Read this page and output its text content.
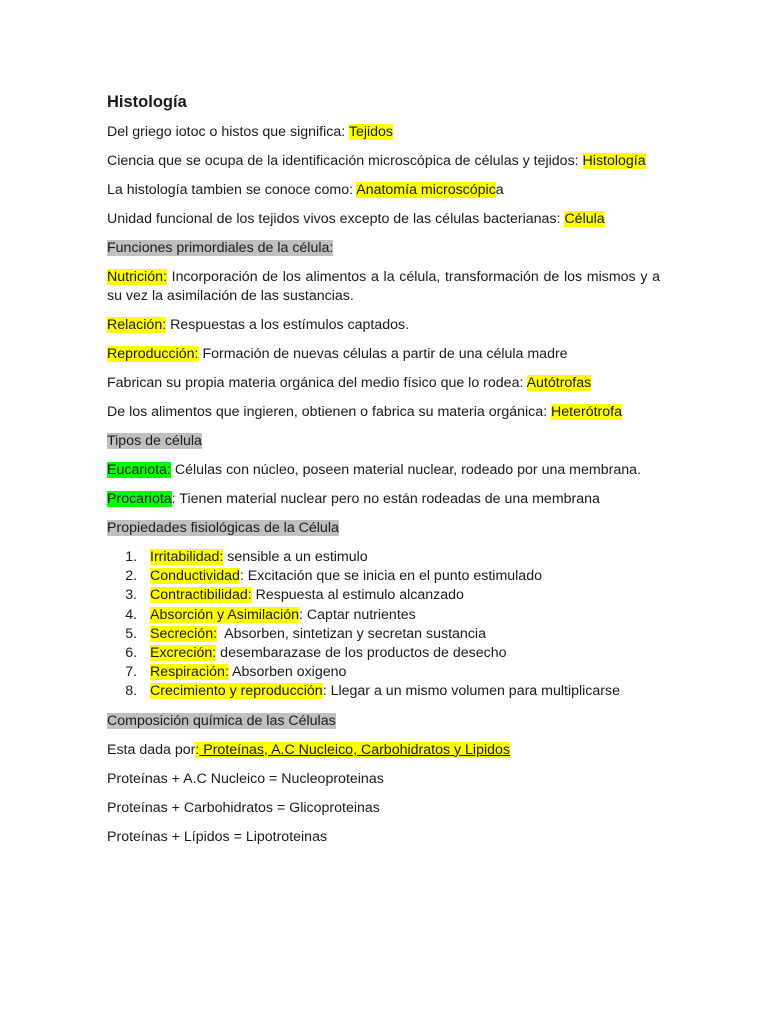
Histología

Del griego iotoc o histos que significa: Tejidos

Ciencia que se ocupa de la identificación microscópica de células y tejidos: Histología

La histología tambien se conoce como: Anatomía microscópica

Unidad funcional de los tejidos vivos excepto de las células bacterianas: Célula

Funciones primordiales de la célula:

Nutrición: Incorporación de los alimentos a la célula, transformación de los mismos y a su vez la asimilación de las sustancias.

Relación: Respuestas a los estímulos captados.

Reproducción: Formación de nuevas células a partir de una célula madre

Fabrican su propia materia orgánica del medio físico que lo rodea: Autótrofas

De los alimentos que ingieren, obtienen o fabrica su materia orgánica: Heterótrofa

Tipos de célula

Eucariota: Células con núcleo, poseen material nuclear, rodeado por una membrana.

Procariota: Tienen material nuclear pero no están rodeadas de una membrana

Propiedades fisiológicas de la Célula

1. Irritabilidad: sensible a un estimulo
2. Conductividad: Excitación que se inicia en el punto estimulado
3. Contractibilidad: Respuesta al estimulo alcanzado
4. Absorción y Asimilación: Captar nutrientes
5. Secreción:  Absorben, sintetizan y secretan sustancia
6. Excreción: desembarazase de los productos de desecho
7. Respiración: Absorben oxigeno
8. Crecimiento y reproducción: Llegar a un mismo volumen para multiplicarse

Composición química de las Células

Esta dada por: Proteínas, A.C Nucleico, Carbohidratos y Lipidos

Proteínas + A.C Nucleico = Nucleoproteinas

Proteínas + Carbohidratos = Glicoproteinas

Proteínas + Lípidos = Lipotroteinas
